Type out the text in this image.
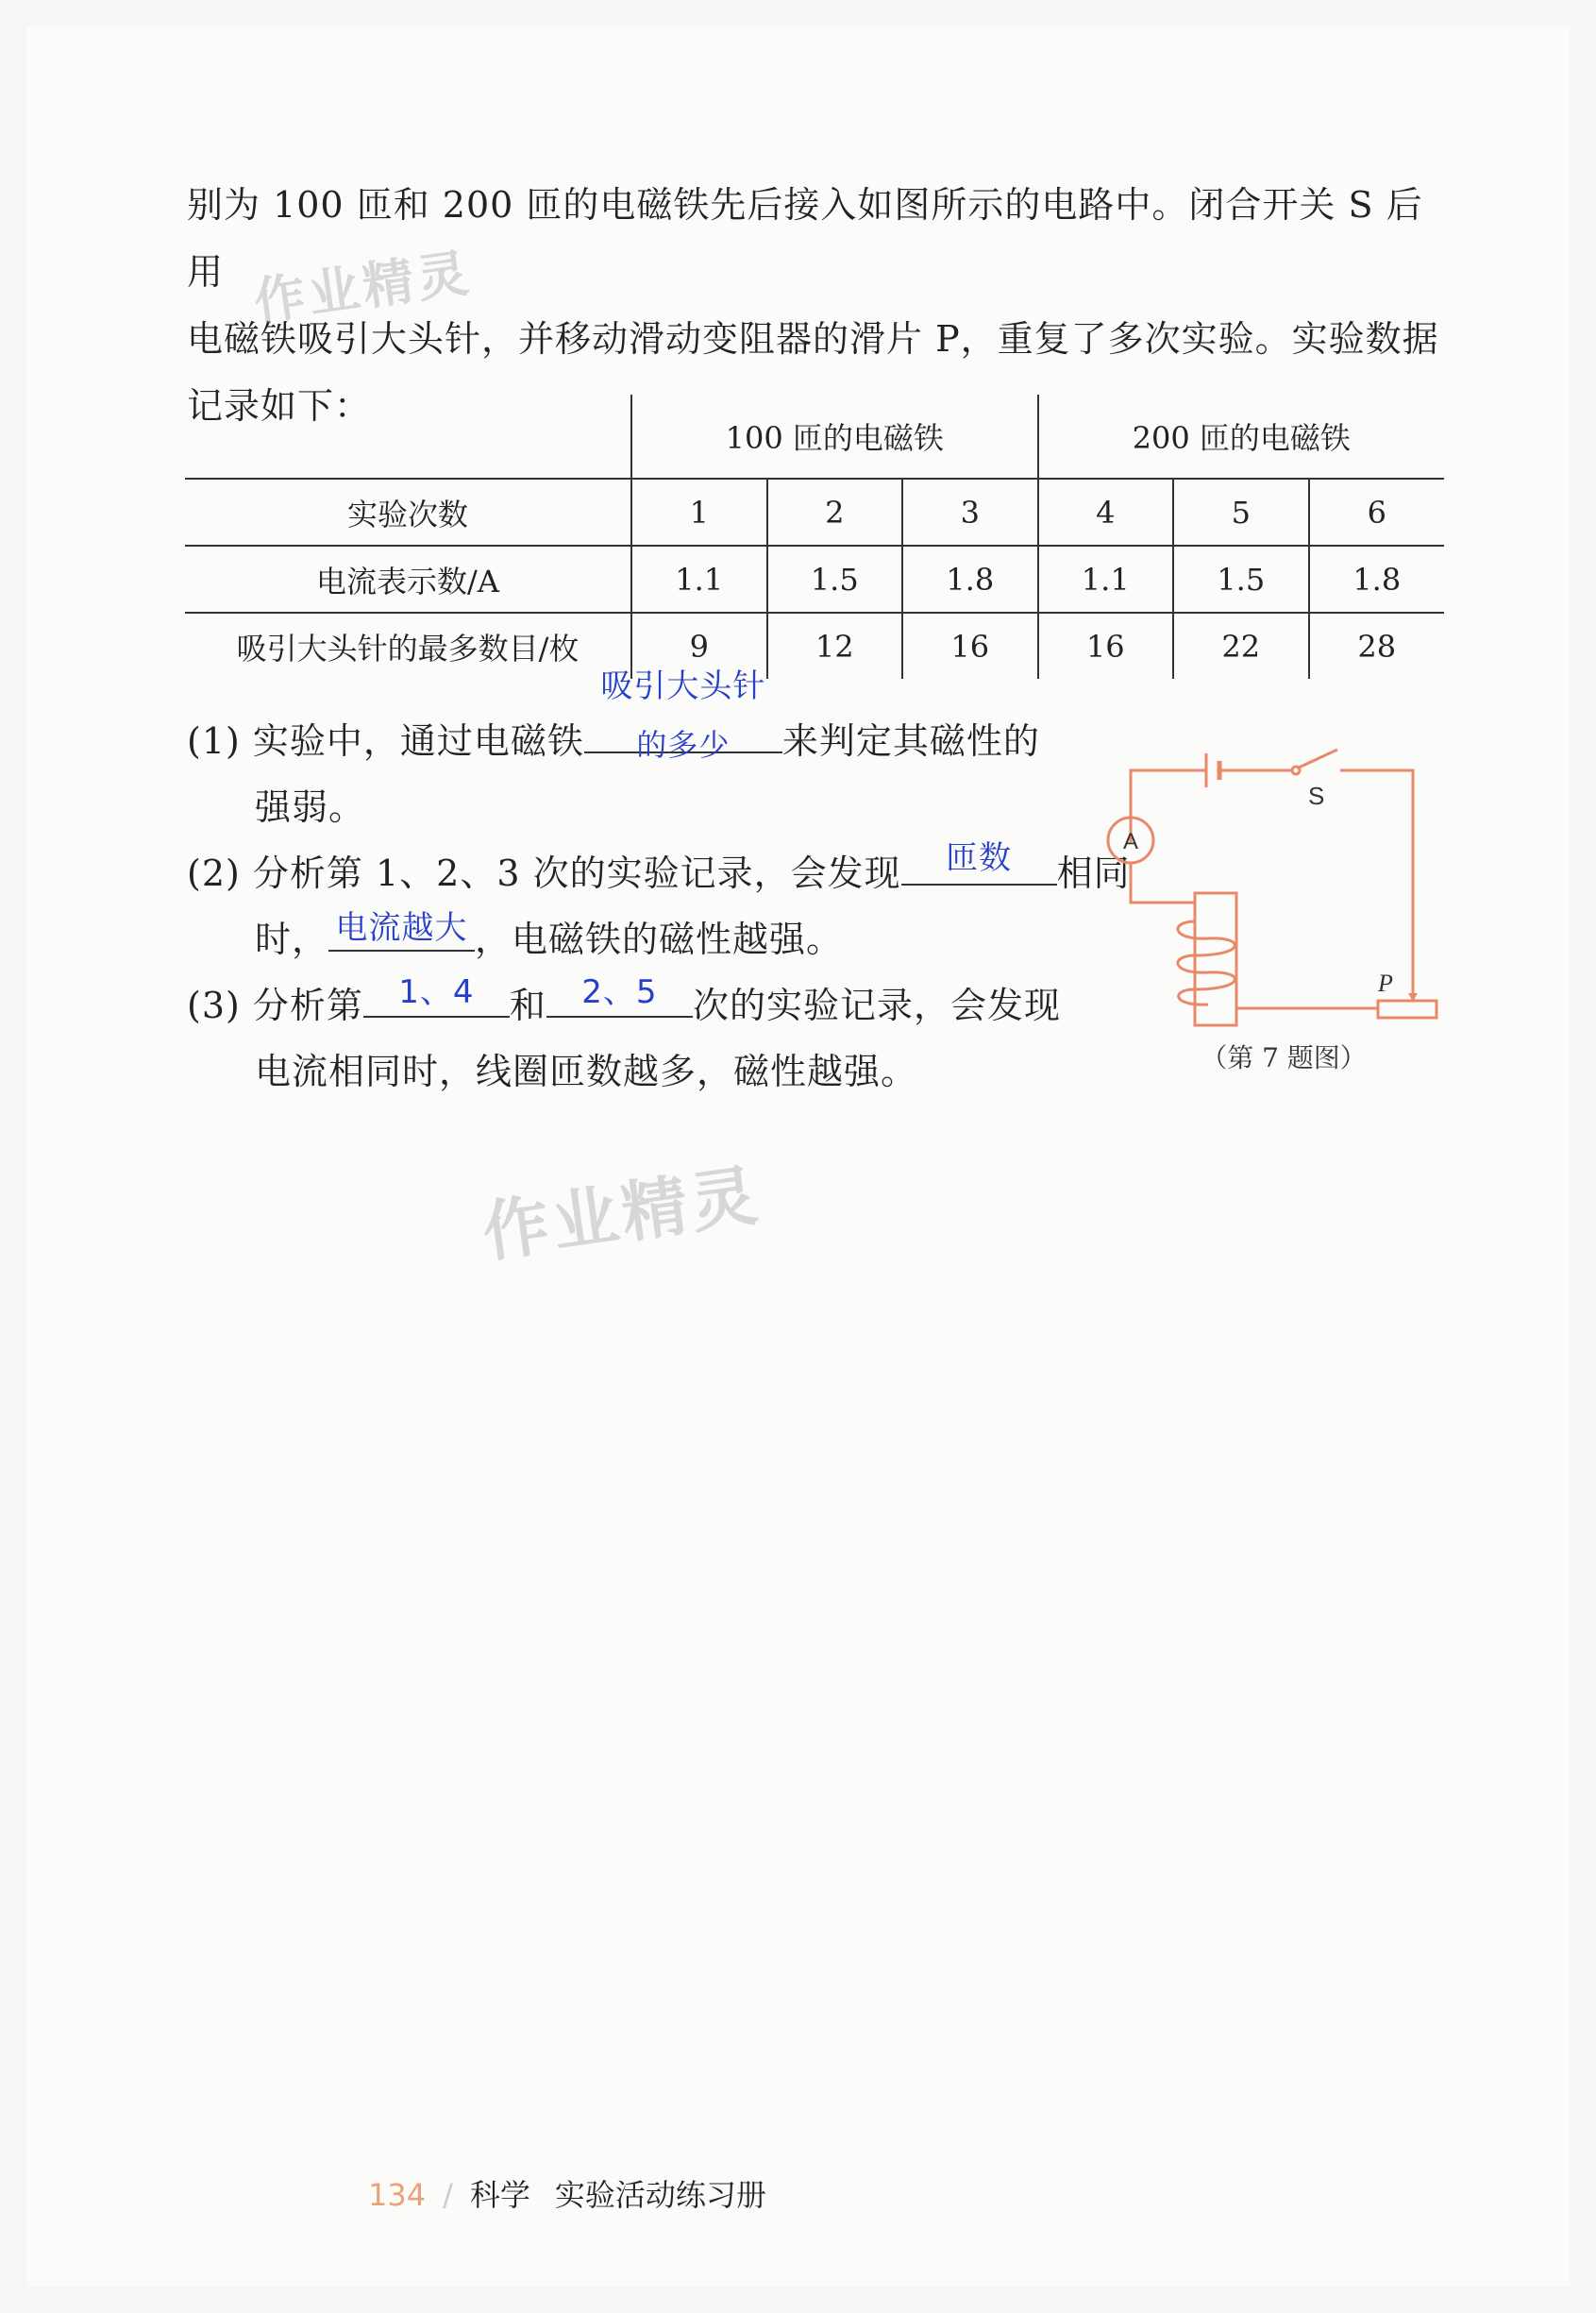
别为 100 匝和 200 匝的电磁铁先后接入如图所示的电路中。闭合开关 S 后用

电磁铁吸引大头针，并移动滑动变阻器的滑片 P，重复了多次实验。实验数据

记录如下：

作业精灵
	100 匝的电磁铁			200 匝的电磁铁		
实验次数	1	2	3	4	5	6
电流表示数/A	1.1	1.5	1.8	1.1	1.5	1.8
吸引大头针的最多数目/枚	9	12	16	16	22	28
(1) 实验中，通过电磁铁
吸引大头针
的多少	来判定其磁性的
强弱。
(2) 分析第 1、2、3 次的实验记录，会发现	匝数	相同
时， 电流越大 ，电磁铁的磁性越强。
(3) 分析第	1、4 和	2、5 次的实验记录，会发现
电流相同时，线圈匝数越多，磁性越强。
A
S
P
（第 7 题图）
作业精灵
134 / 科学 实验活动练习册
